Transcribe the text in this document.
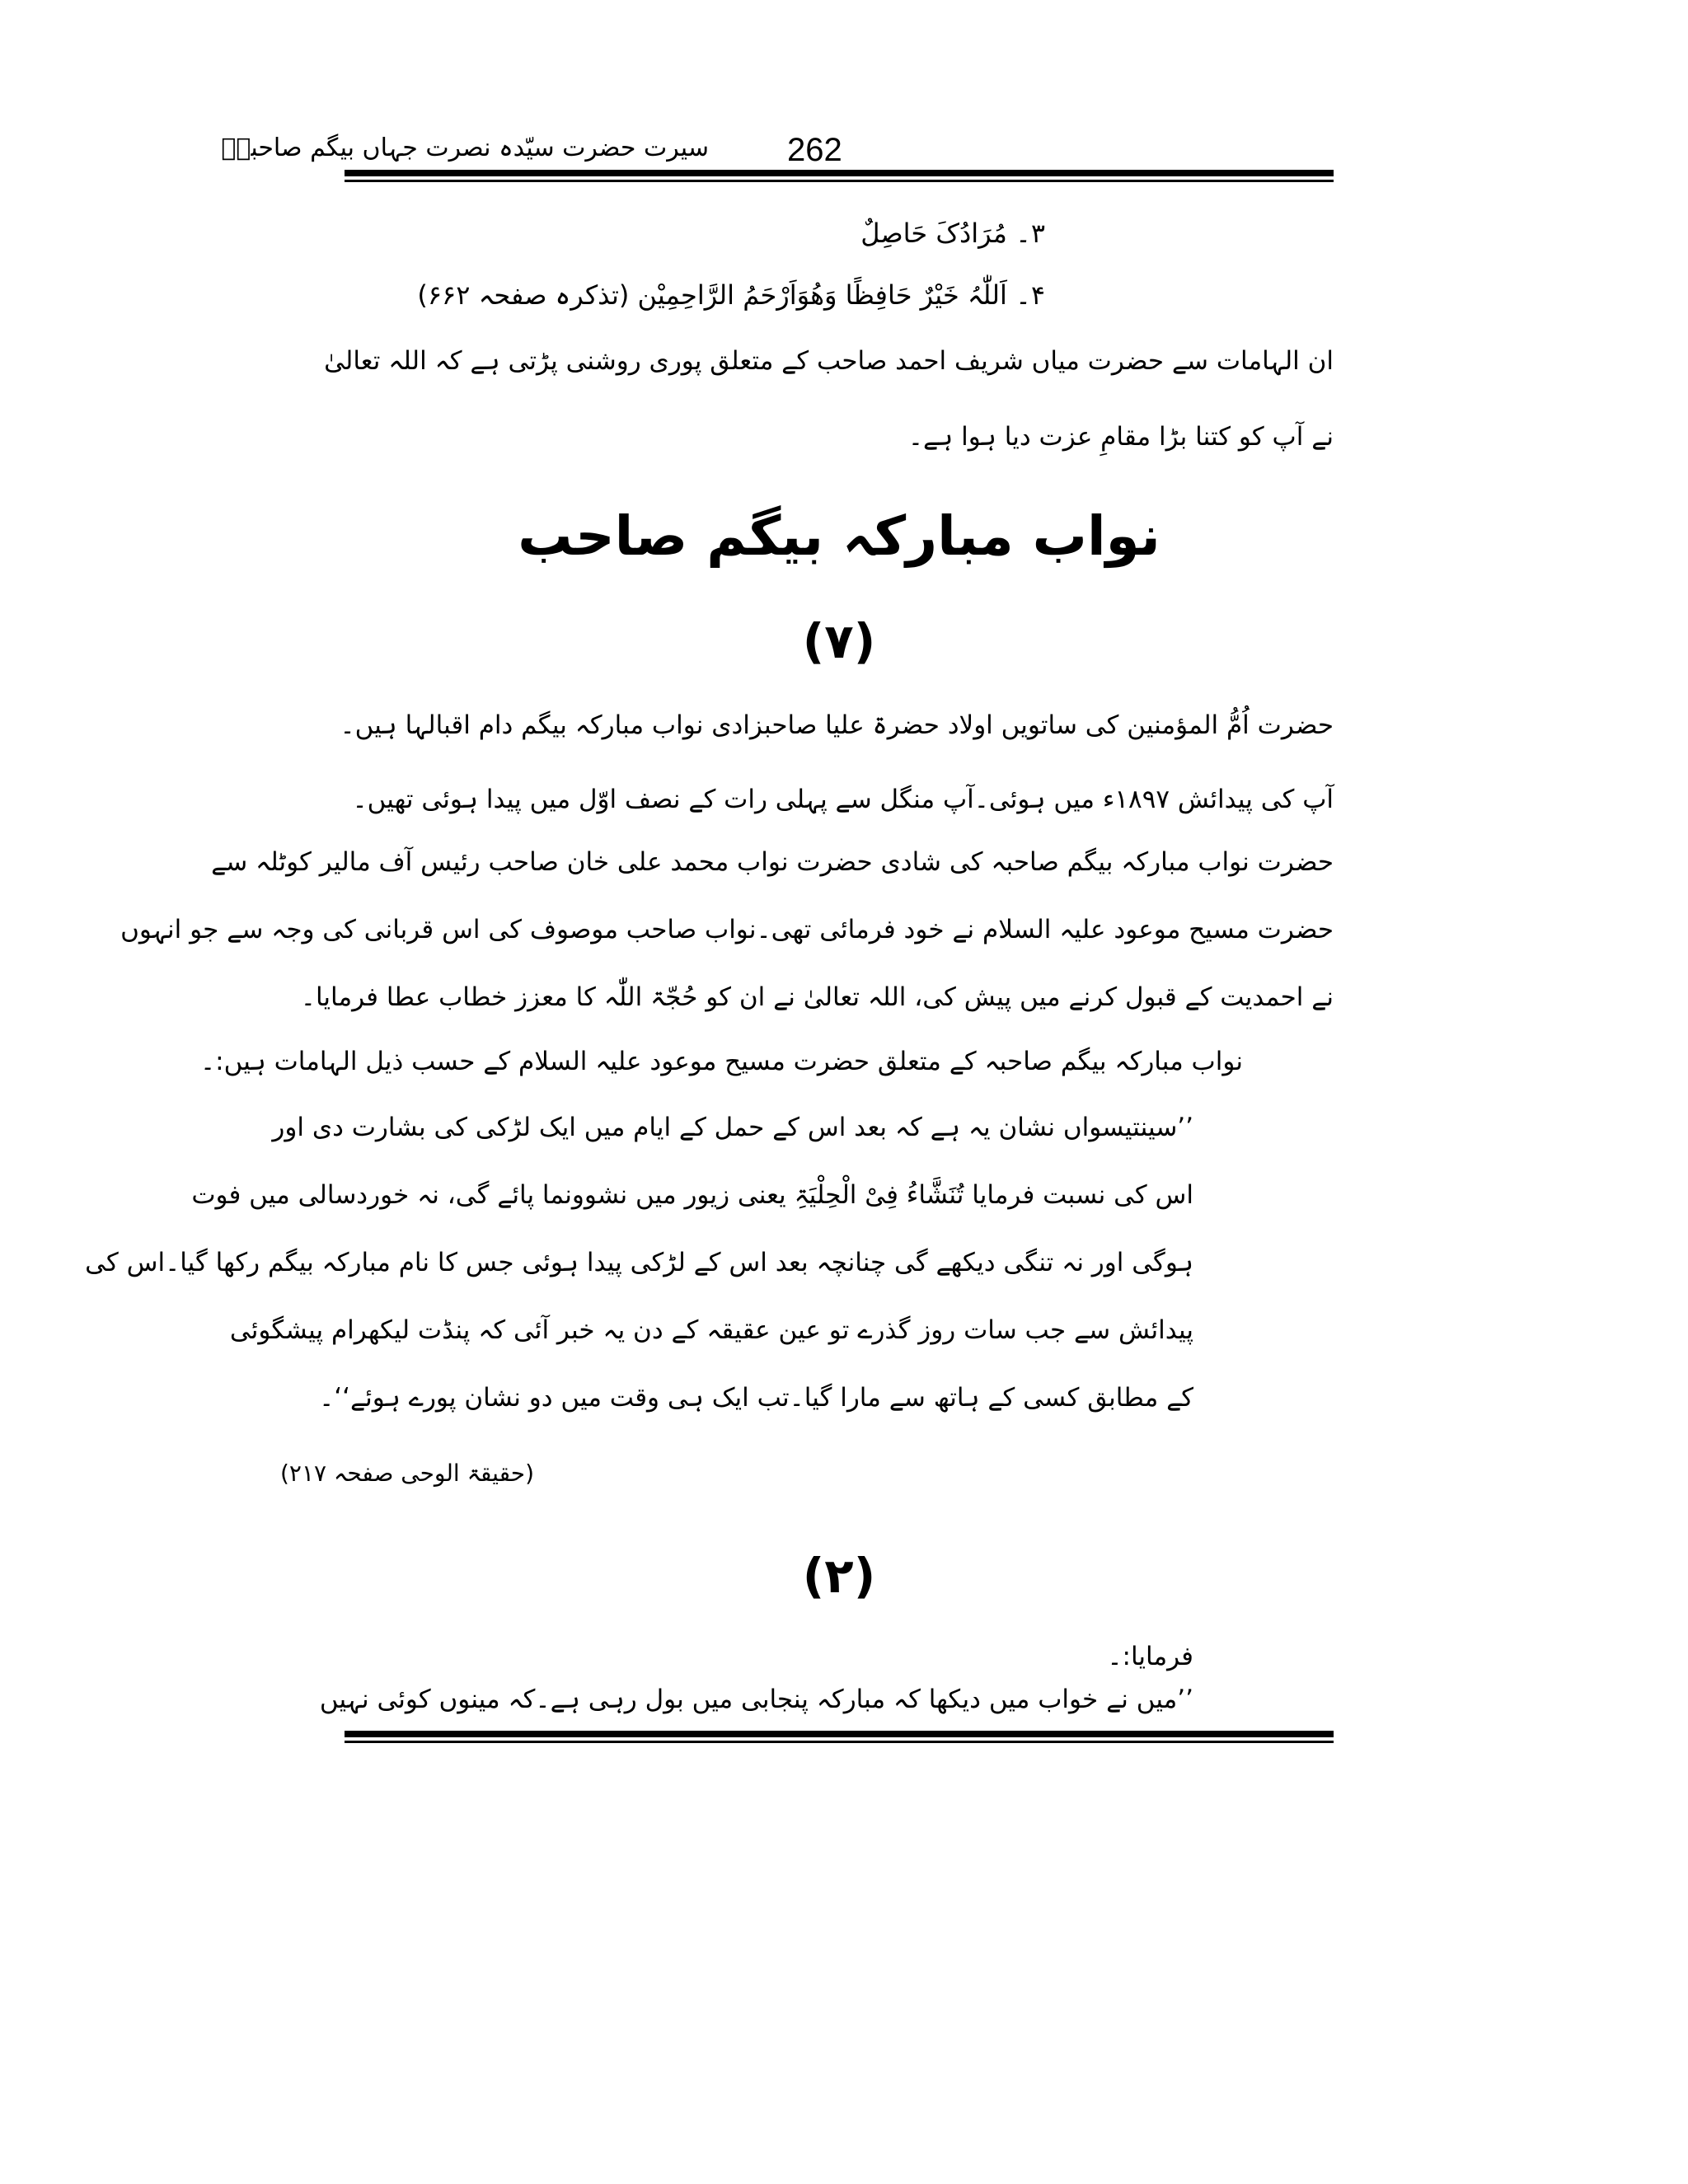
سیرت حضرت سیّدہ نصرت جہاں بیگم صاحبہؓ 262
۳۔ مُرَادُکَ حَاصِلٌ
۴۔ اَللّٰہُ خَیْرٌ حَافِظًا وَھُوَاَرْحَمُ الرَّاحِمِیْن (تذکرہ صفحہ ۶۶۲)
ان الہامات سے حضرت میاں شریف احمد صاحب کے متعلق پوری روشنی پڑتی ہے کہ اللہ تعالیٰ
نے آپ کو کتنا بڑا مقامِ عزت دیا ہوا ہے۔
نواب مبارکہ بیگم صاحب
(۷)
حضرت اُمُّ المؤمنین کی ساتویں اولاد حضرۃ علیا صاحبزادی نواب مبارکہ بیگم دام اقبالہا ہیں۔
آپ کی پیدائش ۱۸۹۷ء میں ہوئی۔آپ منگل سے پہلی رات کے نصف اوّل میں پیدا ہوئی تھیں۔
حضرت نواب مبارکہ بیگم صاحبہ کی شادی حضرت نواب محمد علی خان صاحب رئیس آف مالیر کوٹلہ سے
حضرت مسیح موعود علیہ السلام نے خود فرمائی تھی۔نواب صاحب موصوف کی اس قربانی کی وجہ سے جو انہوں
نے احمدیت کے قبول کرنے میں پیش کی، اللہ تعالیٰ نے ان کو حُجّۃ اللّٰہ کا معزز خطاب عطا فرمایا۔
نواب مبارکہ بیگم صاحبہ کے متعلق حضرت مسیح موعود علیہ السلام کے حسب ذیل الہامات ہیں:۔
’’سینتیسواں نشان یہ ہے کہ بعد اس کے حمل کے ایام میں ایک لڑکی کی بشارت دی اور
اس کی نسبت فرمایا تُنَشَّاءُ فِیْ الْحِلْیَۃِ یعنی زیور میں نشوونما پائے گی، نہ خوردسالی میں فوت
ہوگی اور نہ تنگی دیکھے گی چنانچہ بعد اس کے لڑکی پیدا ہوئی جس کا نام مبارکہ بیگم رکھا گیا۔اس کی
پیدائش سے جب سات روز گذرے تو عین عقیقہ کے دن یہ خبر آئی کہ پنڈت لیکھرام پیشگوئی
کے مطابق کسی کے ہاتھ سے مارا گیا۔تب ایک ہی وقت میں دو نشان پورے ہوئے‘‘۔
(حقیقۃ الوحی صفحہ ۲۱۷)
(۲)
فرمایا:۔
’’میں نے خواب میں دیکھا کہ مبارکہ پنجابی میں بول رہی ہے۔کہ مینوں کوئی نہیں
